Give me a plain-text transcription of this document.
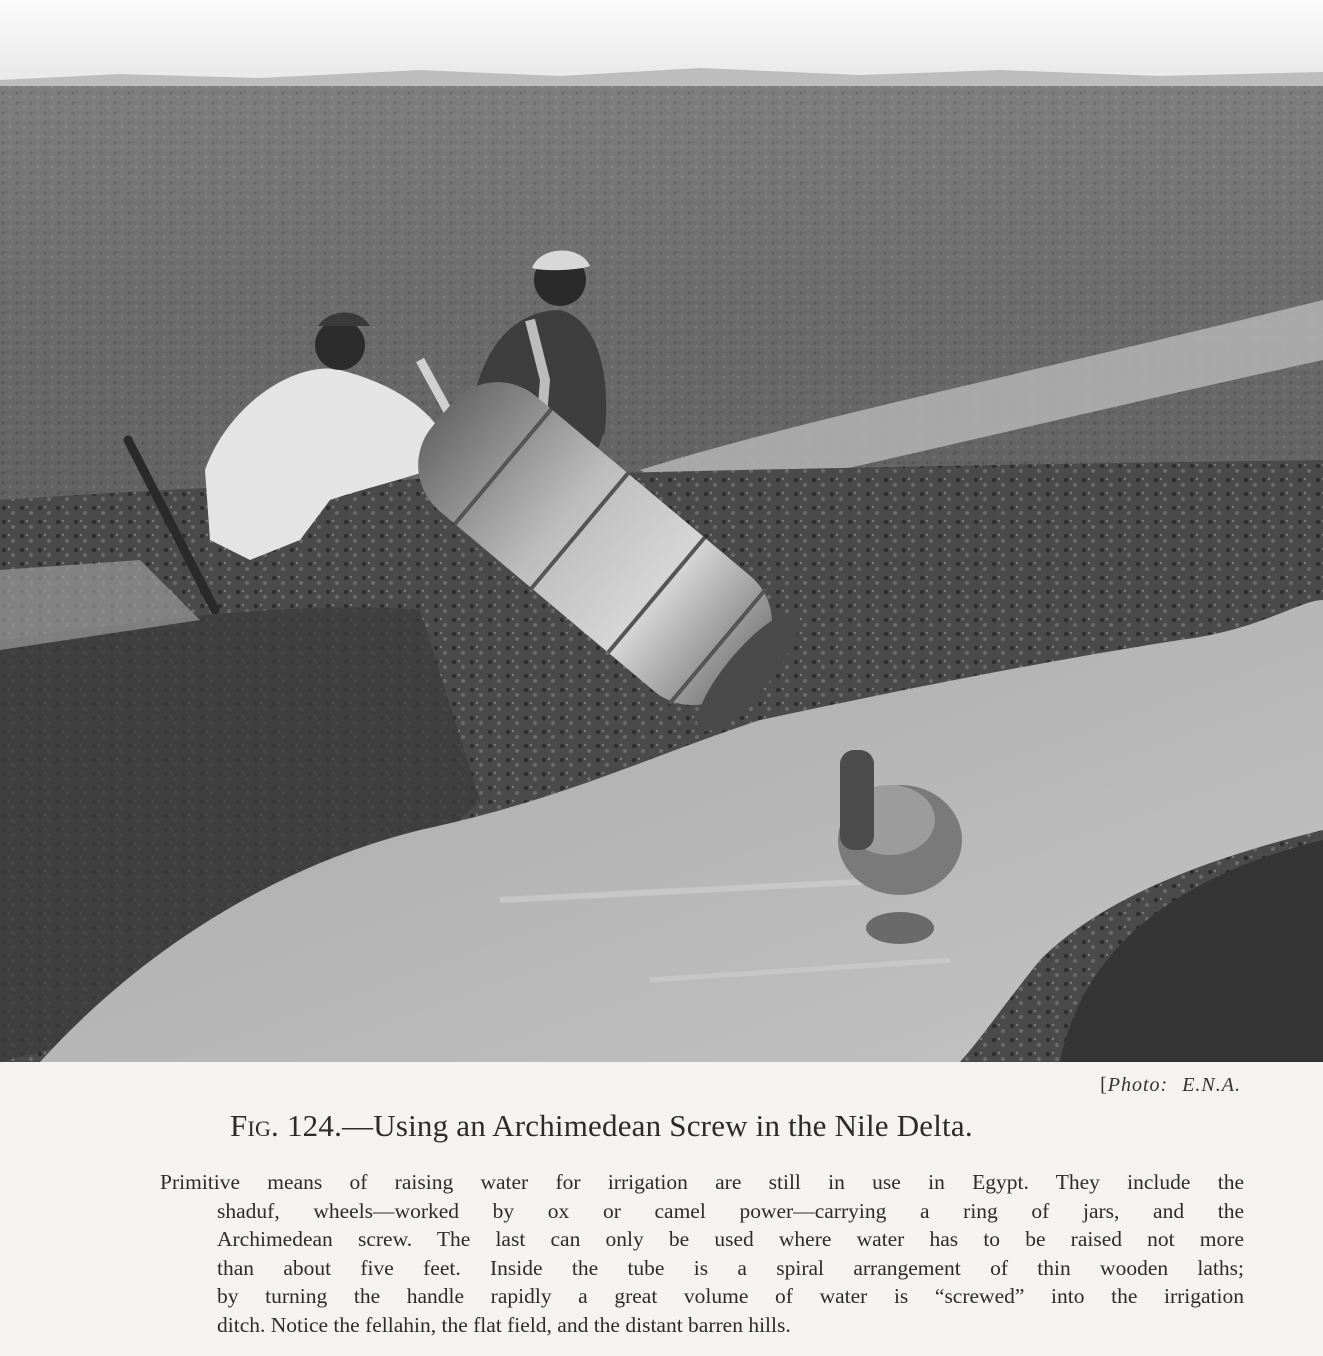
[Photo: E.N.A.
Fig. 124.—Using an Archimedean Screw in the Nile Delta.
Primitive means of raising water for irrigation are still in use in Egypt. They include the
shaduf, wheels—worked by ox or camel power—carrying a ring of jars, and the
Archimedean screw. The last can only be used where water has to be raised not more
than about five feet. Inside the tube is a spiral arrangement of thin wooden laths;
by turning the handle rapidly a great volume of water is “screwed” into the irrigation
ditch. Notice the fellahin, the flat field, and the distant barren hills.
